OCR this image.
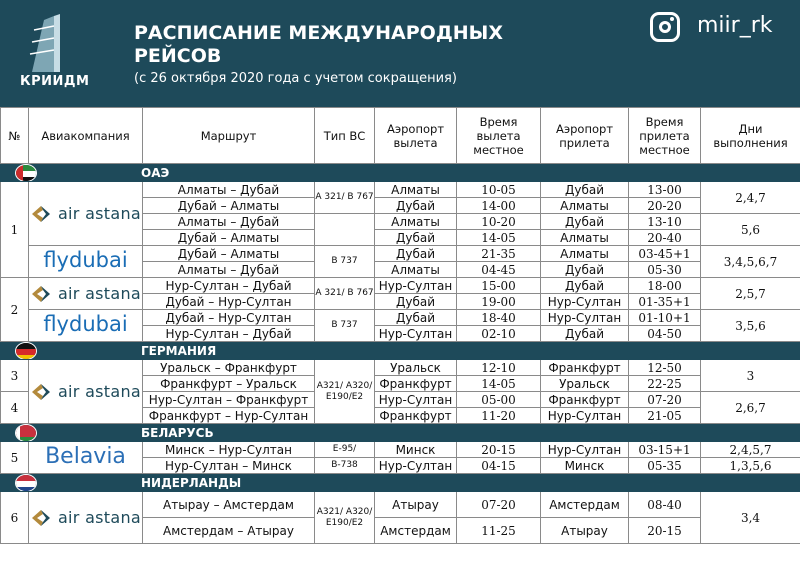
КРИИДМ
РАСПИСАНИЕ МЕЖДУНАРОДНЫХ РЕЙСОВ
(с 26 октября 2020 года с учетом сокращения)
miir_rk
№	Авиакомпания	Маршрут	Тип ВС	Аэропорт вылета	Время вылета местное	Аэропорт прилета	Время прилета местное	Дни выполнения

ОАЭ								
1	air astana	Алматы – Дубай	A 321/ B 767	Алматы	10-05	Дубай	13-00	2,4,7
		Дубай – Алматы		Дубай	14-00	Алматы	20-20	
		Алматы – Дубай		Алматы	10-20	Дубай	13-10	5,6
		Дубай – Алматы		Дубай	14-05	Алматы	20-40	
	flydubai	Дубай – Алматы	B 737	Дубай	21-35	Алматы	03-45+1	3,4,5,6,7
		Алматы – Дубай		Алматы	04-45	Дубай	05-30	
2	air astana	Нур-Султан – Дубай	A 321/ B 767	Нур-Султан	15-00	Дубай	18-00	2,5,7
		Дубай – Нур-Султан		Дубай	19-00	Нур-Султан	01-35+1	
	flydubai	Дубай – Нур-Султан	B 737	Дубай	18-40	Нур-Султан	01-10+1	3,5,6
		Нур-Султан – Дубай		Нур-Султан	02-10	Дубай	04-50	

ГЕРМАНИЯ								
3	air astana	Уральск – Франкфурт	A321/ A320/ E190/E2	Уральск	12-10	Франкфурт	12-50	3
		Франкфурт – Уральск		Франкфурт	14-05	Уральск	22-25	
4		Нур-Султан – Франкфурт		Нур-Султан	05-00	Франкфурт	07-20	2,6,7
		Франкфурт – Нур-Султан		Франкфурт	11-20	Нур-Султан	21-05	

БЕЛАРУСЬ								
5	Belavia	Минск – Нур-Султан	E-95/	Минск	20-15	Нур-Султан	03-15+1	2,4,5,7
		Нур-Султан – Минск	B-738	Нур-Султан	04-15	Минск	05-35	1,3,5,6

НИДЕРЛАНДЫ								
6	air astana	Атырау – Амстердам	A321/ A320/ E190/E2	Атырау	07-20	Амстердам	08-40	3,4
		Амстердам – Атырау		Амстердам	11-25	Атырау	20-15	
